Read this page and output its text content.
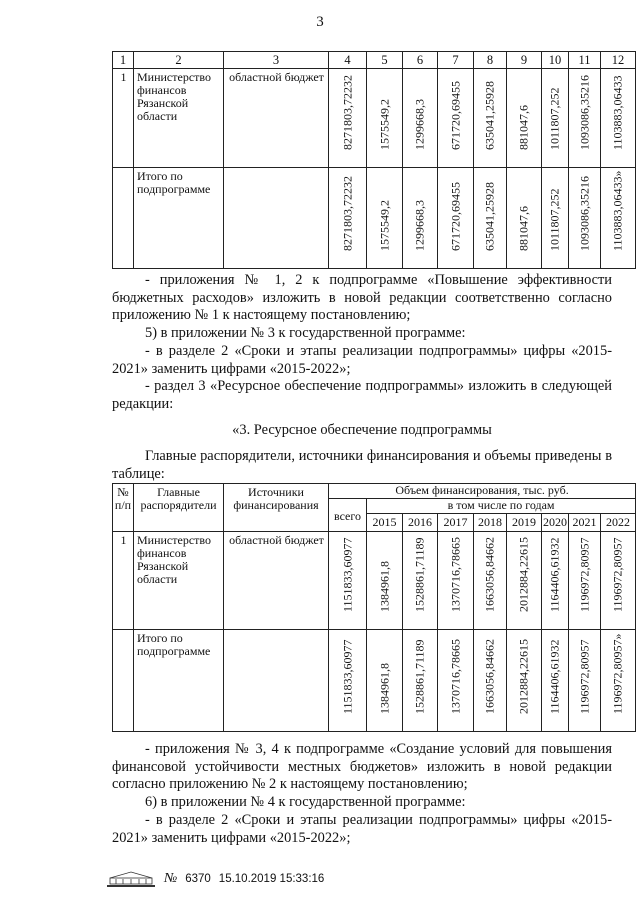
3
1	2	3	4	5	6	7	8	9	10	11	12
1	Министерство финансов Рязанской области	областной бюджет	8271803,72232	1575549,2	1299668,3	671720,69455	635041,25928	881047,6	1011807,252	1093086,35216	1103883,06433

	Итого по подпрограмме		8271803,72232	1575549,2	1299668,3	671720,69455	635041,25928	881047,6	1011807,252	1093086,35216	1103883,06433»
- приложения № 1, 2 к подпрограмме «Повышение эффективности бюджетных расходов» изложить в новой редакции соответственно согласно приложению № 1 к настоящему постановлению;
5) в приложении № 3 к государственной программе:
- в разделе 2 «Сроки и этапы реализации подпрограммы» цифры «2015-2021» заменить цифрами «2015-2022»;
- раздел 3 «Ресурсное обеспечение подпрограммы» изложить в следующей редакции:
«3. Ресурсное обеспечение подпрограммы
Главные распорядители, источники финансирования и объемы приведены в таблице:
№ п/п	Главные распорядители	Источники финансирования	Объем финансирования, тыс. руб.								
			всего	в том числе по годам							
				2015	2016	2017	2018	2019	2020	2021	2022
1	Министерство финансов Рязанской области	областной бюджет	1151833,60977	1384961,8	1528861,71189	1370716,78665	1663056,84662	2012884,22615	1164406,61932	1196972,80957	1196972,80957

	Итого по подпрограмме		1151833,60977	1384961,8	1528861,71189	1370716,78665	1663056,84662	2012884,22615	1164406,61932	1196972,80957	1196972,80957»
- приложения № 3, 4 к подпрограмме «Создание условий для повышения финансовой устойчивости местных бюджетов» изложить в новой редакции согласно приложению № 2 к настоящему постановлению;
6) в приложении № 4 к государственной программе:
- в разделе 2 «Сроки и этапы реализации подпрограммы» цифры «2015-2021» заменить цифрами «2015-2022»;
№ 6370 15.10.2019 15:33:16
